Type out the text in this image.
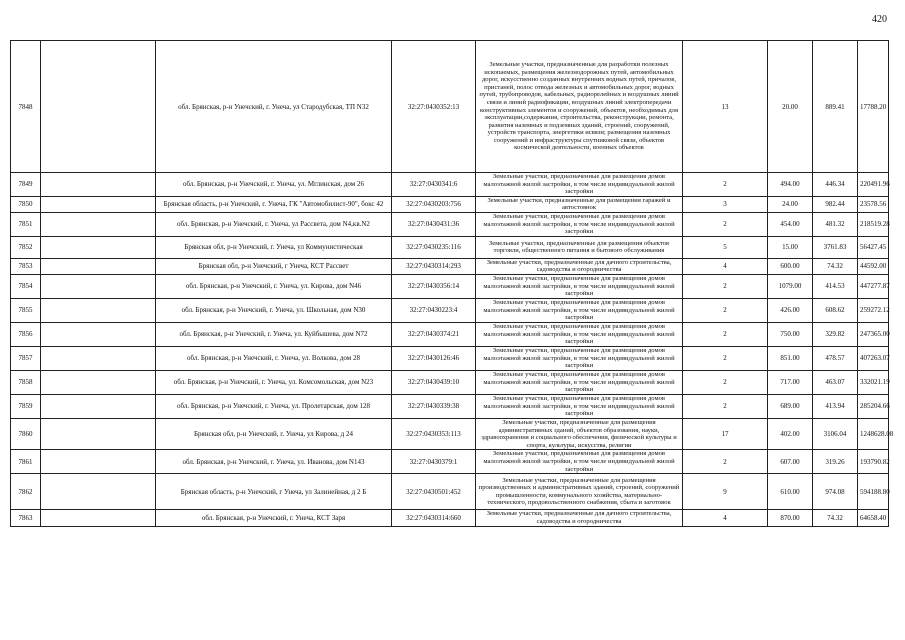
420
7848		обл. Брянская, р-н Унечский, г. Унеча, ул Стародубская, ТП N32	32:27:0430352:13	Земельные участки, предназначенные для разработки полезных ископаемых, размещения железнодорожных путей, автомобильных дорог, искусственно созданных внутренних водных путей, причалов, пристаней, полос отвода железных и автомобильных дорог, водных путей, трубопроводов, кабельных, радиорелейных и воздушных линий связи и линий радиофикации, воздушных линий электропередачи конструктивных элементов и сооружений, объектов, необходимых для эксплуатации,содержания, строительства, реконструкции, ремонта, развития наземных и подземных зданий, строений, сооружений, устройств транспорта, энергетики исвязи; размещения наземных сооружений и инфраструктуры спутниковой связи, объектов космической деятельности, военных объектов	13	20.00	889.41	17788.20
7849		обл. Брянская, р-н Унечский, г. Унеча, ул. Мглинская, дом 26	32:27:0430341:6	Земельные участки, предназначенные для размещения домов малоэтажной жилой застройки, в том числе индивидуальной жилой застройки	2	494.00	446.34	220491.96
7850		Брянская область, р-н Унечский, г. Унеча, ГК "Автомобилист-90", бокс 42	32:27:0430203:756	Земельные участки, предназначенные для размещения гаражей и автостоянок	3	24.00	982.44	23578.56
7851		обл. Брянская, р-н Унечский, г. Унеча, ул Рассвета, дом N4,кв.N2	32:27:0430431:36	Земельные участки, предназначенные для размещения домов малоэтажной жилой застройки, в том числе индивидуальной жилой застройки	2	454.00	481.32	218519.28
7852		Брянская обл, р-н Унечский, г. Унеча, ул Коммунистическая	32:27:0430235:116	Земельные участки, предназначенные для размещения объектов торговли, общественного питания и бытового обслуживания	5	15.00	3761.83	56427.45
7853		Брянская обл, р-н Унечский, г Унеча, КСТ Рассвет	32:27:0430314:293	Земельные участки, предназначенные для дачного строительства, садоводства и огородничества	4	600.00	74.32	44592.00
7854		обл. Брянская, р-н Унечский, г. Унеча, ул. Кирова, дом N46	32:27:0430356:14	Земельные участки, предназначенные для размещения домов малоэтажной жилой застройки, в том числе индивидуальной жилой застройки	2	1079.00	414.53	447277.87
7855		обл. Брянская, р-н Унечский, г. Унеча, ул. Школьная, дом N30	32:27:0430223:4	Земельные участки, предназначенные для размещения домов малоэтажной жилой застройки, в том числе индивидуальной жилой застройки	2	426.00	608.62	259272.12
7856		обл. Брянская, р-н Унечский, г. Унеча, ул. Куйбышева, дом N72	32:27:0430374:21	Земельные участки, предназначенные для размещения домов малоэтажной жилой застройки, в том числе индивидуальной жилой застройки	2	750.00	329.82	247365.00
7857		обл. Брянская, р-н Унечский, г. Унеча, ул. Волкова, дом 28	32:27:0430126:46	Земельные участки, предназначенные для размещения домов малоэтажной жилой застройки, в том числе индивидуальной жилой застройки	2	851.00	478.57	407263.07
7858		обл. Брянская, р-н Унечский, г. Унеча, ул. Комсомольская, дом N23	32:27:0430439:10	Земельные участки, предназначенные для размещения домов малоэтажной жилой застройки, в том числе индивидуальной жилой застройки	2	717.00	463.07	332021.19
7859		обл. Брянская, р-н Унечский, г. Унеча, ул. Пролетарская, дом 128	32:27:0430339:38	Земельные участки, предназначенные для размещения домов малоэтажной жилой застройки, в том числе индивидуальной жилой застройки	2	689.00	413.94	285204.66
7860		Брянская обл, р-н Унечский, г. Унеча, ул Кирова, д 24	32:27:0430353:113	Земельные участки, предназначенные для размещения административных зданий, объектов образования, науки, здравоохранения и социального обеспечения, физической культуры и спорта, культуры, искусства, религии	17	402.00	3106.04	1248628.08
7861		обл. Брянская, р-н Унечский, г. Унеча, ул. Иванова, дом N143	32:27:0430379:1	Земельные участки, предназначенные для размещения домов малоэтажной жилой застройки, в том числе индивидуальной жилой застройки	2	607.00	319.26	193790.82
7862		Брянская область, р-н Унечский, г Унеча, ул Залинейная, д 2 Б	32:27:0430501:452	Земельные участки, предназначенные для размещения производственных и административных зданий, строений, сооружений промышленности, коммунального хозяйства, материально-технического, продовольственного снабжения, сбыта и заготовок	9	610.00	974.08	594188.80
7863		обл. Брянская, р-н Унечский, г. Унеча, КСТ Заря	32:27:0430314:660	Земельные участки, предназначенные для дачного строительства, садоводства и огородничества	4	870.00	74.32	64658.40
